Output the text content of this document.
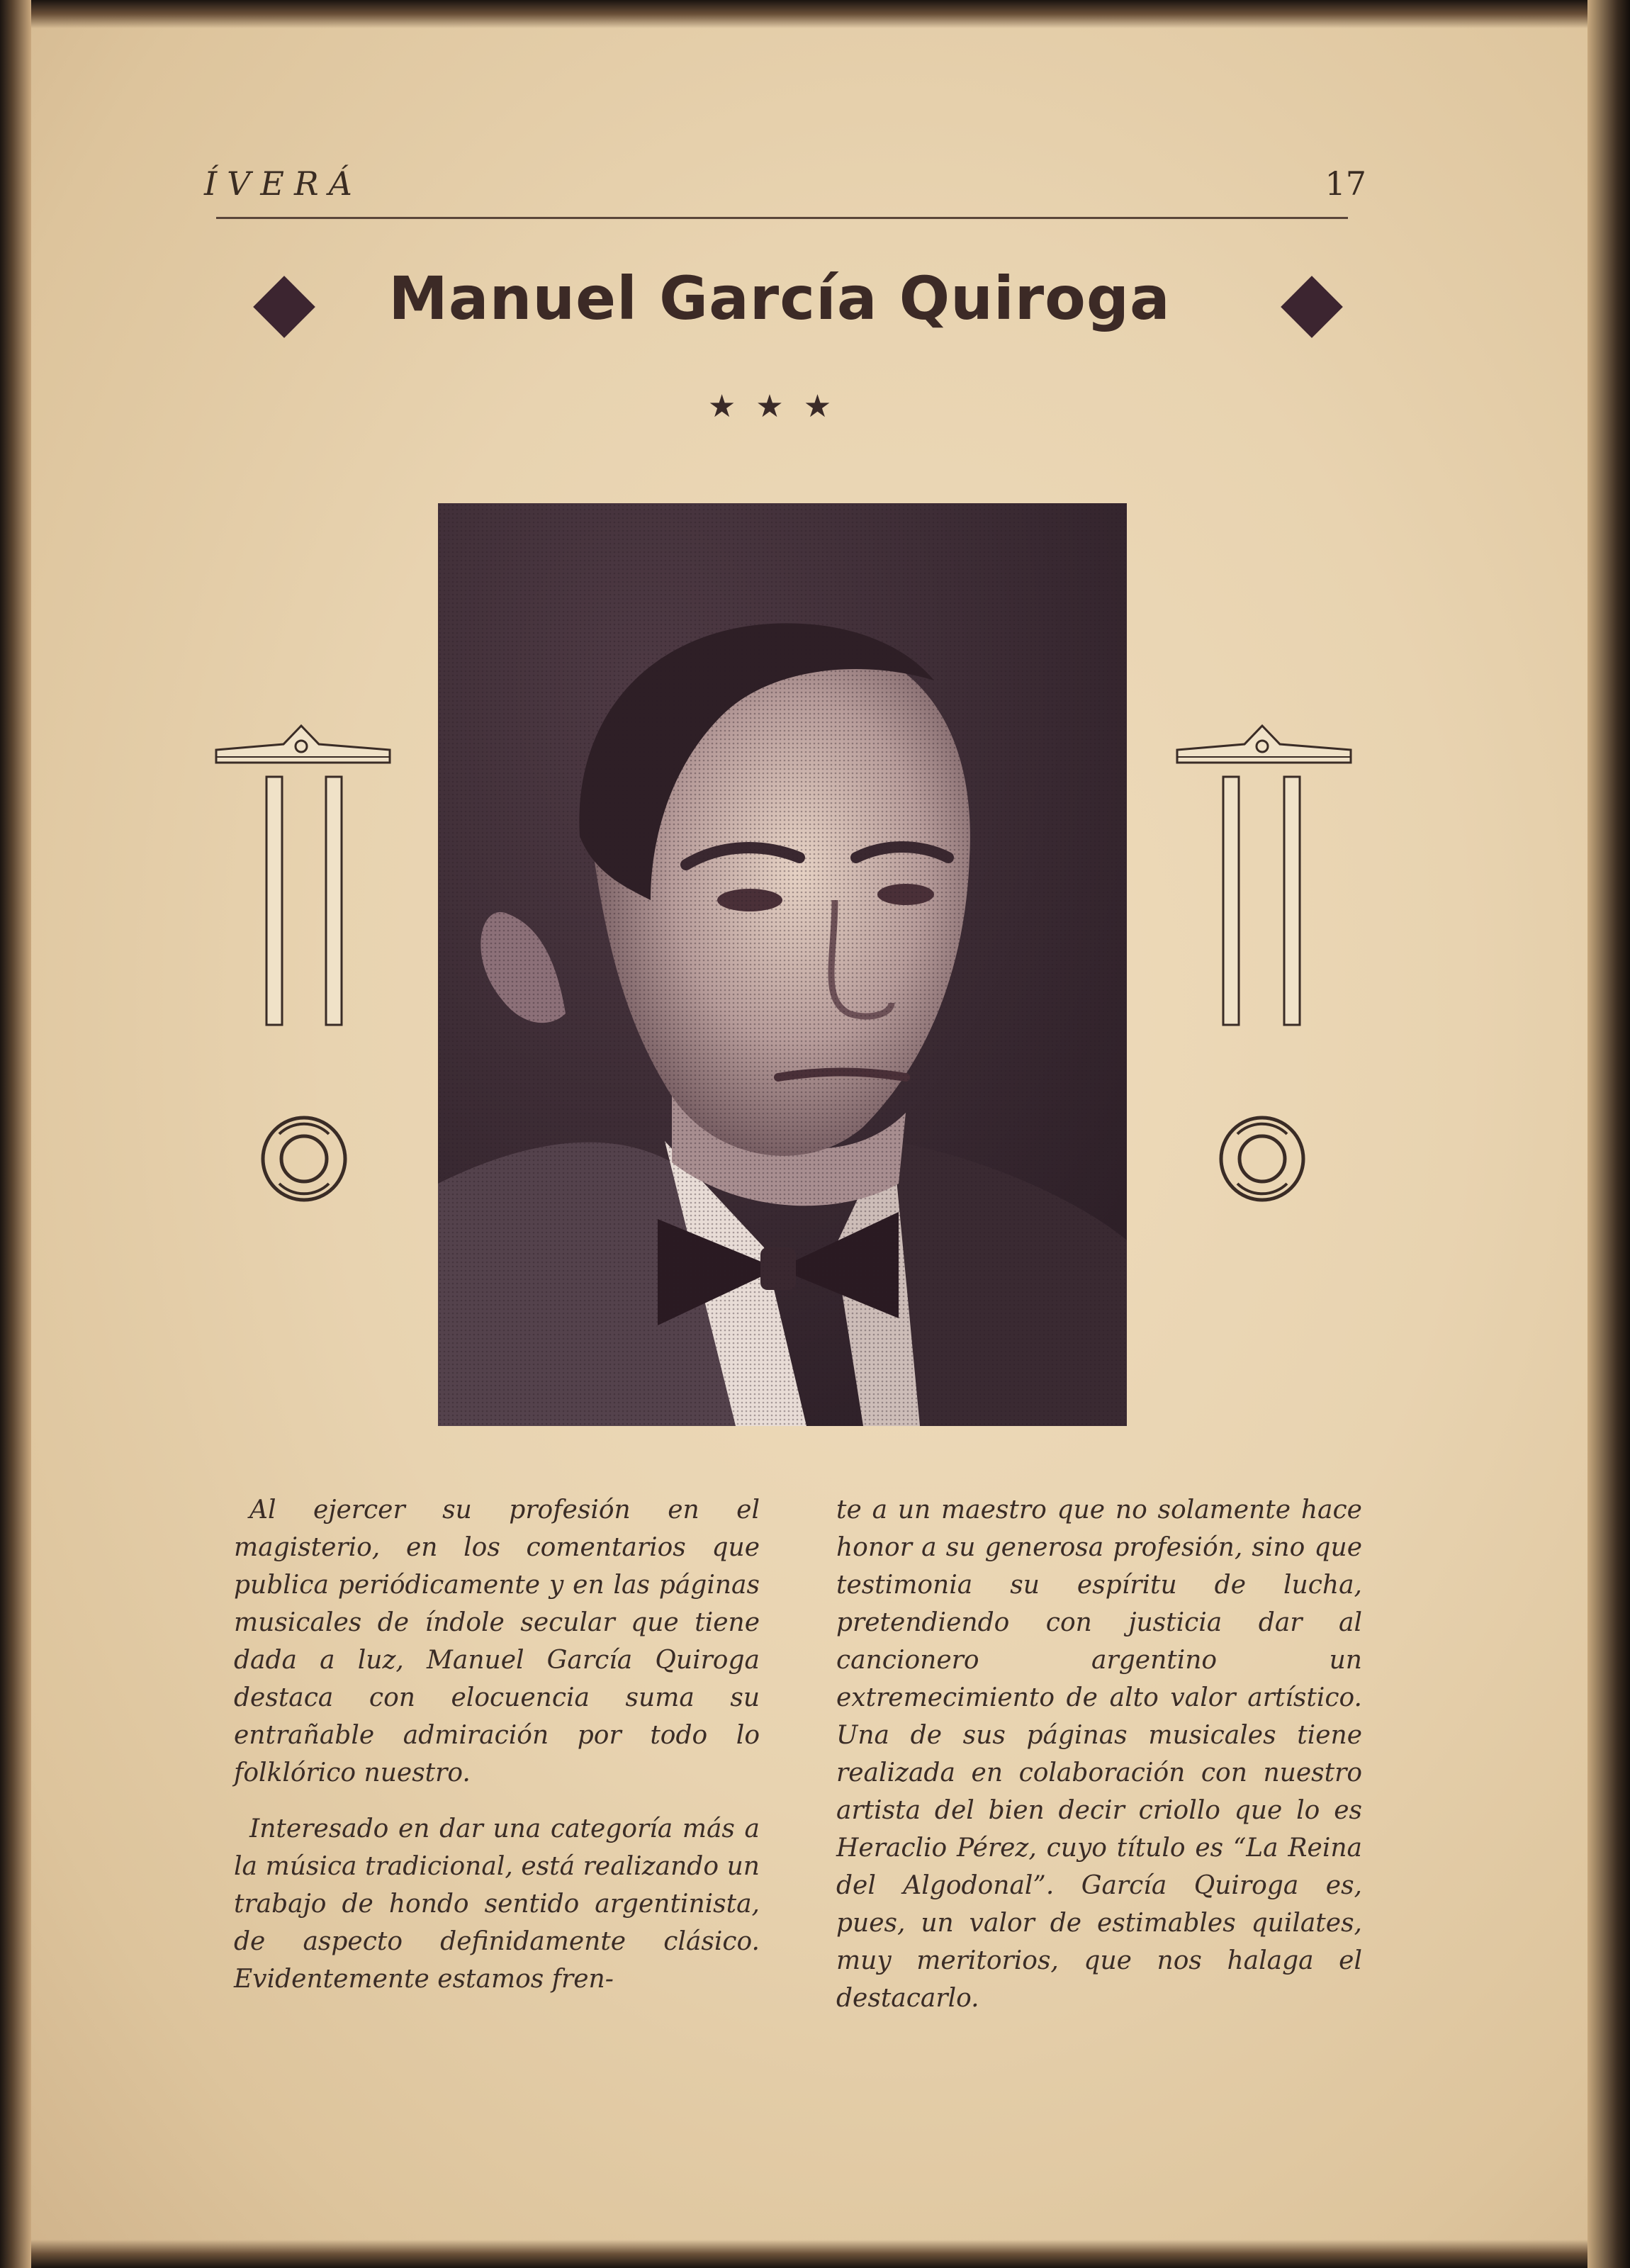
ÍVERÁ	17
Manuel García Quiroga
★★★

Al ejercer su profesión en el magisterio, en los comentarios que publica periódicamente y en las páginas musicales de índole secular que tiene dada a luz, Manuel García Quiroga destaca con elocuencia suma su entrañable admiración por todo lo folklórico nuestro.

Interesado en dar una categoría más a la música tradicional, está realizando un trabajo de hondo sentido argentinista, de aspecto definidamente clásico. Evidentemente estamos fren-

te a un maestro que no solamente hace honor a su generosa profesión, sino que testimonia su espíritu de lucha, pretendiendo con justicia dar al cancionero argentino un extremecimiento de alto valor artístico. Una de sus páginas musicales tiene realizada en colaboración con nuestro artista del bien decir criollo que lo es Heraclio Pérez, cuyo título es “La Reina del Algodonal”. García Quiroga es, pues, un valor de estimables quilates, muy meritorios, que nos halaga el destacarlo.
